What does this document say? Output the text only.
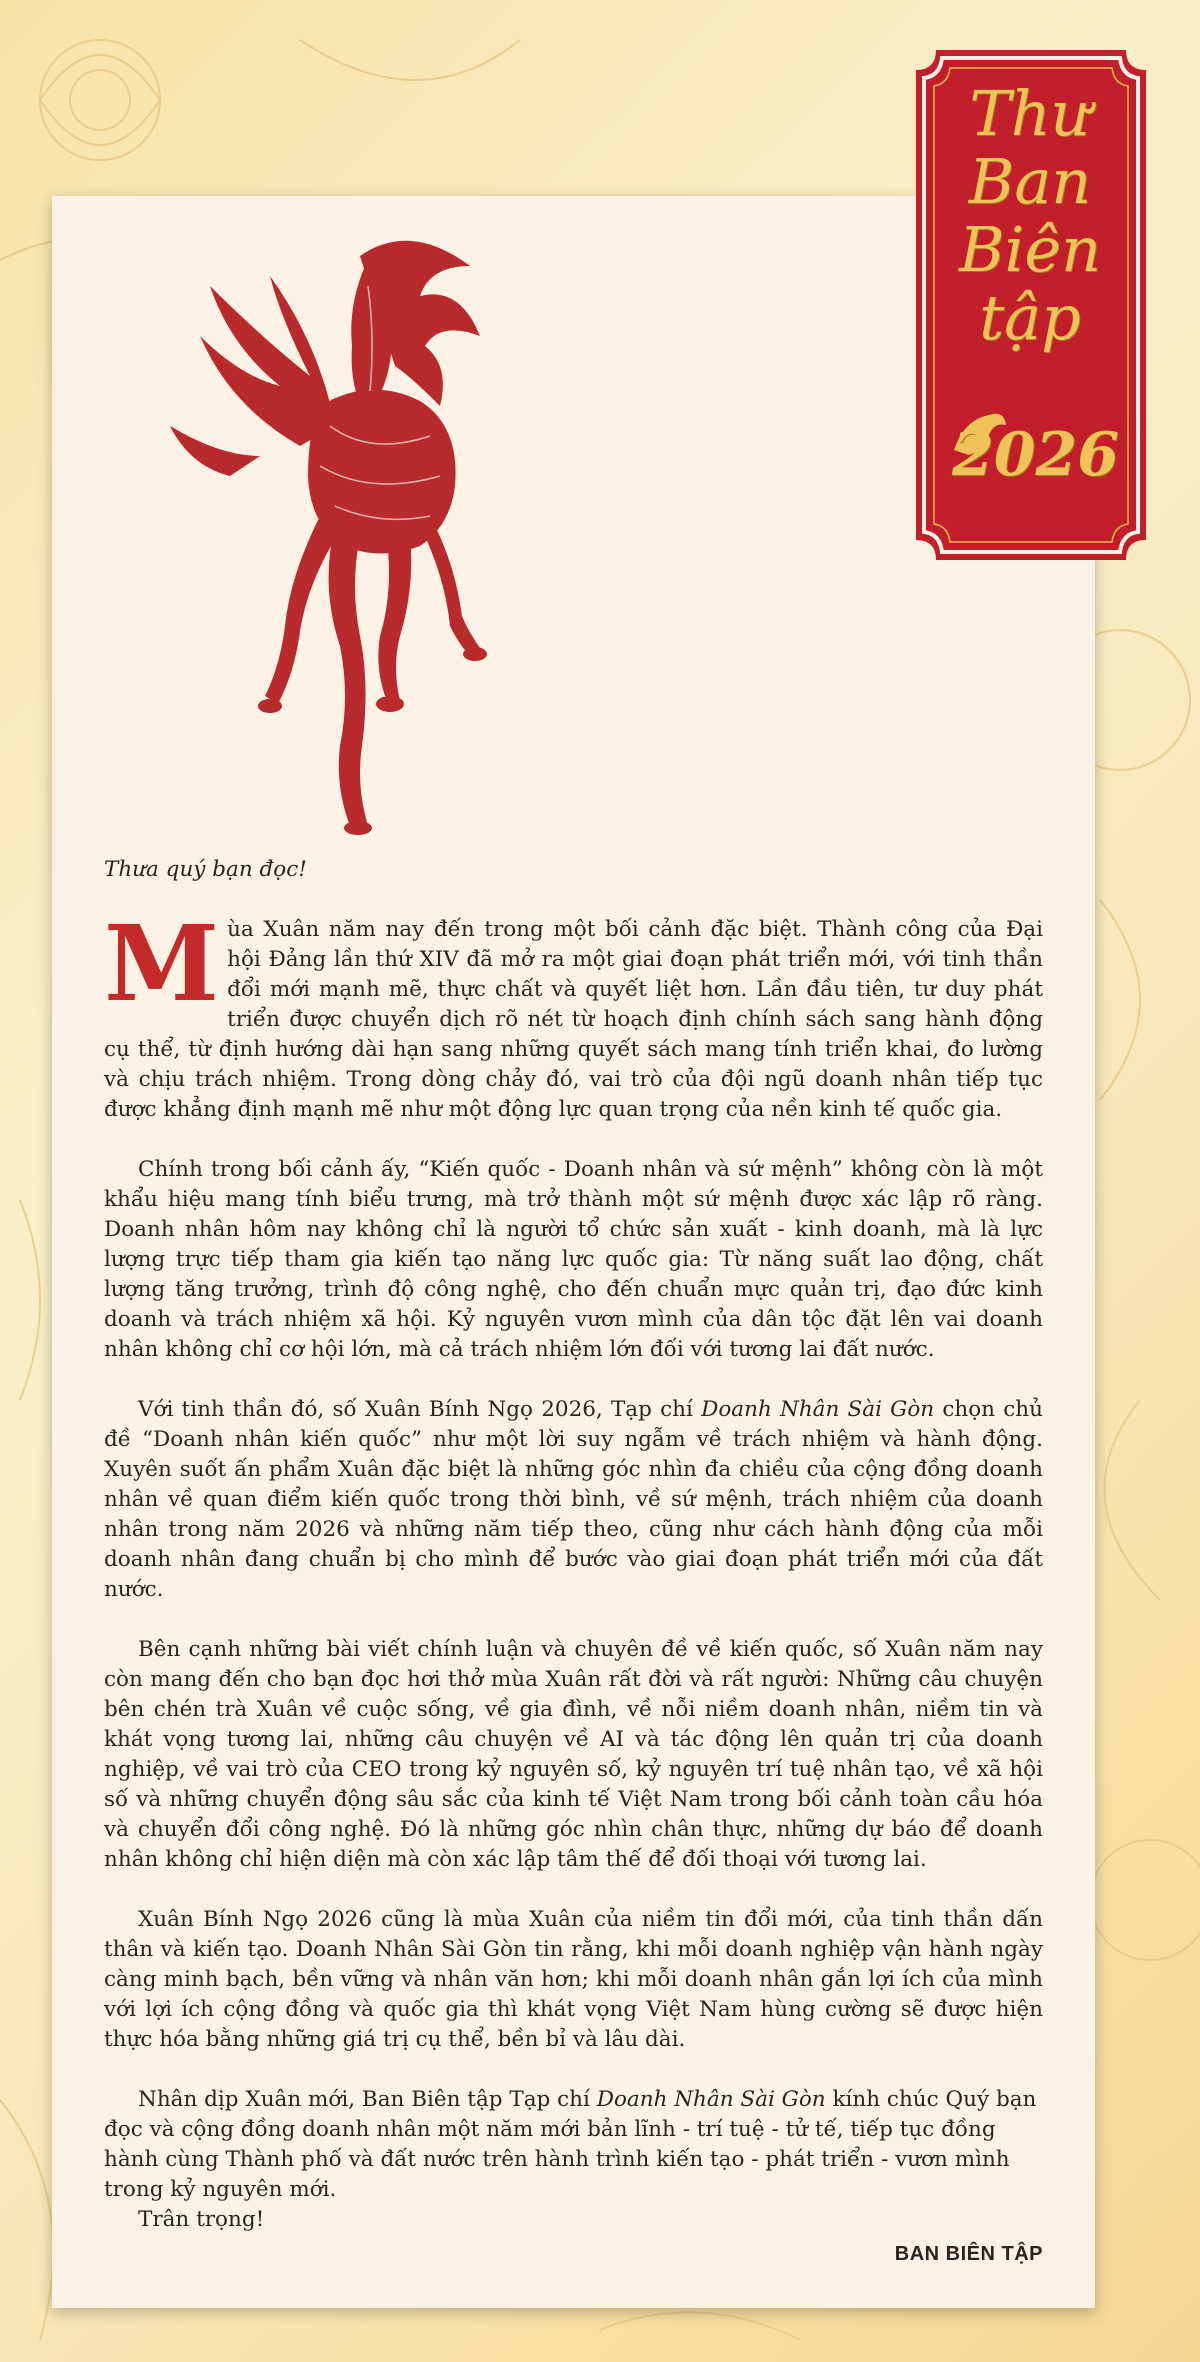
Thưa quý bạn đọc!

Mùa Xuân năm nay đến trong một bối cảnh đặc biệt. Thành công của Đại hội Đảng lần thứ XIV đã mở ra một giai đoạn phát triển mới, với tinh thần đổi mới mạnh mẽ, thực chất và quyết liệt hơn. Lần đầu tiên, tư duy phát triển được chuyển dịch rõ nét từ hoạch định chính sách sang hành động cụ thể, từ định hướng dài hạn sang những quyết sách mang tính triển khai, đo lường và chịu trách nhiệm. Trong dòng chảy đó, vai trò của đội ngũ doanh nhân tiếp tục được khẳng định mạnh mẽ như một động lực quan trọng của nền kinh tế quốc gia.

Chính trong bối cảnh ấy, “Kiến quốc - Doanh nhân và sứ mệnh” không còn là một khẩu hiệu mang tính biểu trưng, mà trở thành một sứ mệnh được xác lập rõ ràng. Doanh nhân hôm nay không chỉ là người tổ chức sản xuất - kinh doanh, mà là lực lượng trực tiếp tham gia kiến tạo năng lực quốc gia: Từ năng suất lao động, chất lượng tăng trưởng, trình độ công nghệ, cho đến chuẩn mực quản trị, đạo đức kinh doanh và trách nhiệm xã hội. Kỷ nguyên vươn mình của dân tộc đặt lên vai doanh nhân không chỉ cơ hội lớn, mà cả trách nhiệm lớn đối với tương lai đất nước.

Với tinh thần đó, số Xuân Bính Ngọ 2026, Tạp chí Doanh Nhân Sài Gòn chọn chủ đề “Doanh nhân kiến quốc” như một lời suy ngẫm về trách nhiệm và hành động. Xuyên suốt ấn phẩm Xuân đặc biệt là những góc nhìn đa chiều của cộng đồng doanh nhân về quan điểm kiến quốc trong thời bình, về sứ mệnh, trách nhiệm của doanh nhân trong năm 2026 và những năm tiếp theo, cũng như cách hành động của mỗi doanh nhân đang chuẩn bị cho mình để bước vào giai đoạn phát triển mới của đất nước.

Bên cạnh những bài viết chính luận và chuyên đề về kiến quốc, số Xuân năm nay còn mang đến cho bạn đọc hơi thở mùa Xuân rất đời và rất người: Những câu chuyện bên chén trà Xuân về cuộc sống, về gia đình, về nỗi niềm doanh nhân, niềm tin và khát vọng tương lai, những câu chuyện về AI và tác động lên quản trị của doanh nghiệp, về vai trò của CEO trong kỷ nguyên số, kỷ nguyên trí tuệ nhân tạo, về xã hội số và những chuyển động sâu sắc của kinh tế Việt Nam trong bối cảnh toàn cầu hóa và chuyển đổi công nghệ. Đó là những góc nhìn chân thực, những dự báo để doanh nhân không chỉ hiện diện mà còn xác lập tâm thế để đối thoại với tương lai.

Xuân Bính Ngọ 2026 cũng là mùa Xuân của niềm tin đổi mới, của tinh thần dấn thân và kiến tạo. Doanh Nhân Sài Gòn tin rằng, khi mỗi doanh nghiệp vận hành ngày càng minh bạch, bền vững và nhân văn hơn; khi mỗi doanh nhân gắn lợi ích của mình với lợi ích cộng đồng và quốc gia thì khát vọng Việt Nam hùng cường sẽ được hiện thực hóa bằng những giá trị cụ thể, bền bỉ và lâu dài.

Nhân dịp Xuân mới, Ban Biên tập Tạp chí Doanh Nhân Sài Gòn kính chúc Quý bạn đọc và cộng đồng doanh nhân một năm mới bản lĩnh - trí tuệ - tử tế, tiếp tục đồng hành cùng Thành phố và đất nước trên hành trình kiến tạo - phát triển - vươn mình trong kỷ nguyên mới.

Trân trọng!

BAN BIÊN TẬP
Thư
Ban
Biên
tập
2026
